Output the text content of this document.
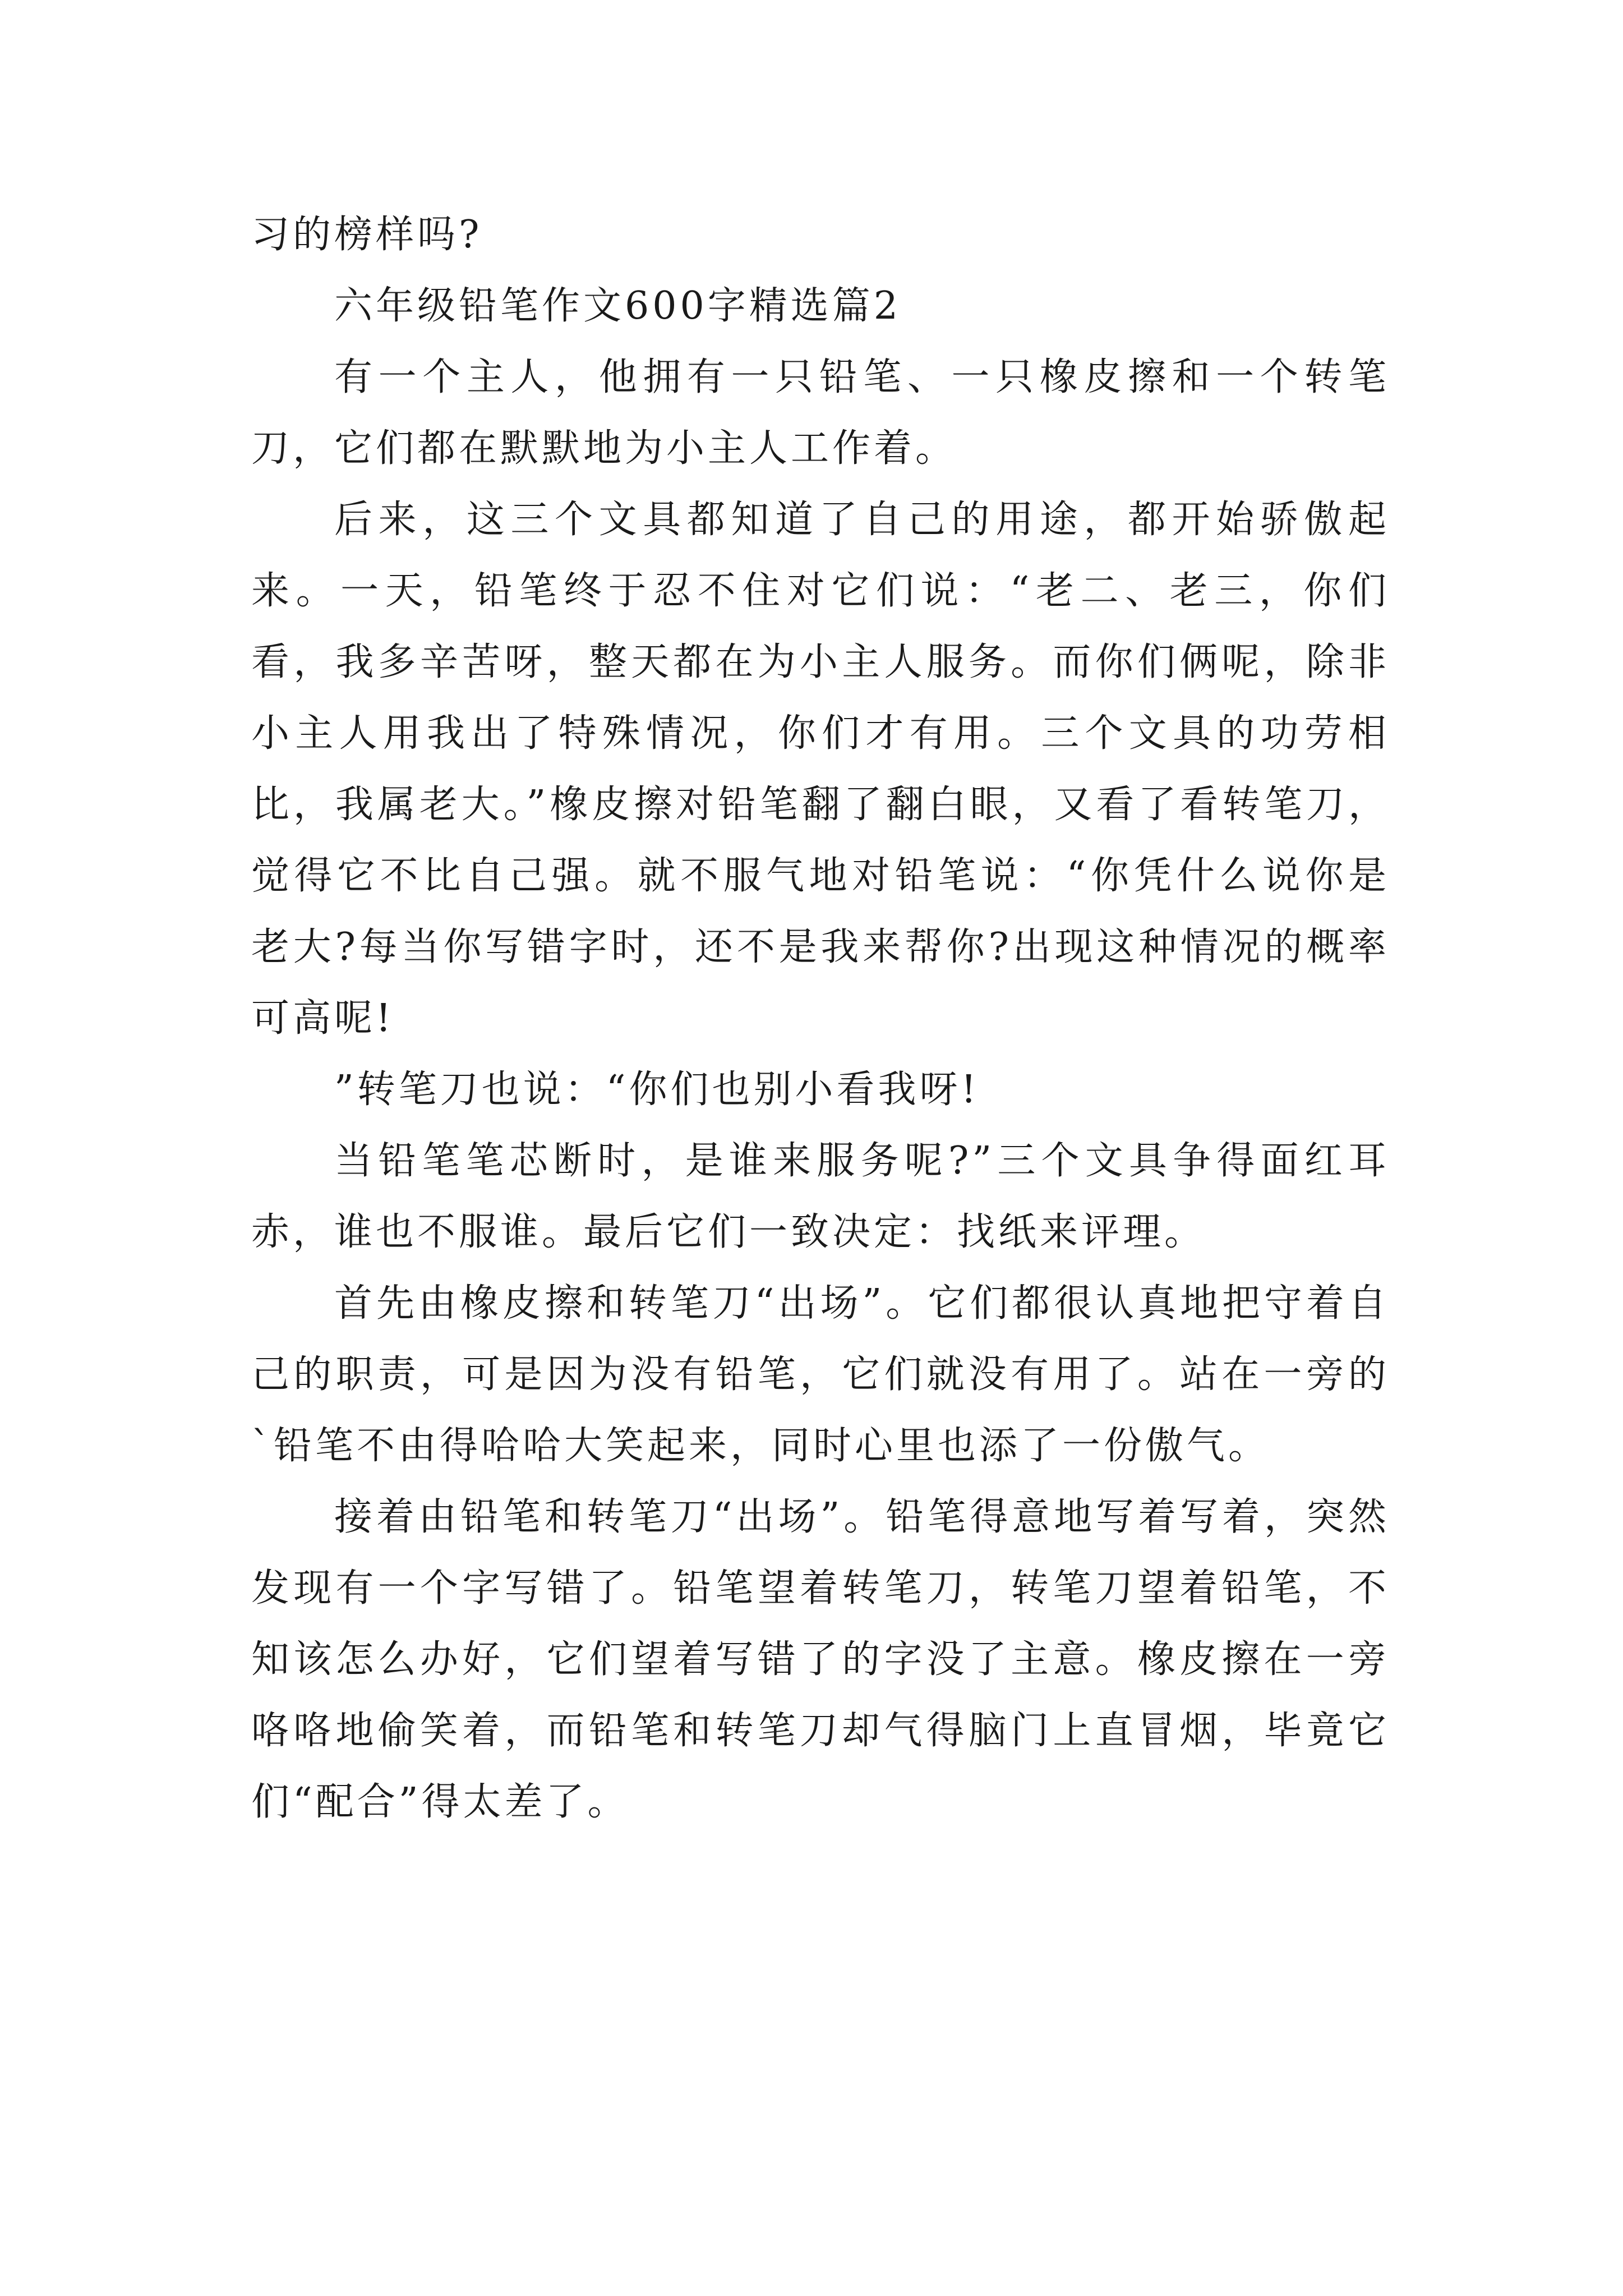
习的榜样吗?

六年级铅笔作文600字精选篇2

有一个主人，他拥有一只铅笔、一只橡皮擦和一个转笔刀，它们都在默默地为小主人工作着。

后来，这三个文具都知道了自己的用途，都开始骄傲起来。一天，铅笔终于忍不住对它们说：“老二、老三，你们看，我多辛苦呀，整天都在为小主人服务。而你们俩呢，除非小主人用我出了特殊情况，你们才有用。三个文具的功劳相比，我属老大。”橡皮擦对铅笔翻了翻白眼，又看了看转笔刀，觉得它不比自己强。就不服气地对铅笔说：“你凭什么说你是老大?每当你写错字时，还不是我来帮你?出现这种情况的概率可高呢!

”转笔刀也说：“你们也别小看我呀!

当铅笔笔芯断时，是谁来服务呢?”三个文具争得面红耳赤，谁也不服谁。最后它们一致决定：找纸来评理。

首先由橡皮擦和转笔刀“出场”。它们都很认真地把守着自己的职责，可是因为没有铅笔，它们就没有用了。站在一旁的`铅笔不由得哈哈大笑起来，同时心里也添了一份傲气。

接着由铅笔和转笔刀“出场”。铅笔得意地写着写着，突然发现有一个字写错了。铅笔望着转笔刀，转笔刀望着铅笔，不知该怎么办好，它们望着写错了的字没了主意。橡皮擦在一旁咯咯地偷笑着，而铅笔和转笔刀却气得脑门上直冒烟，毕竟它们“配合”得太差了。
